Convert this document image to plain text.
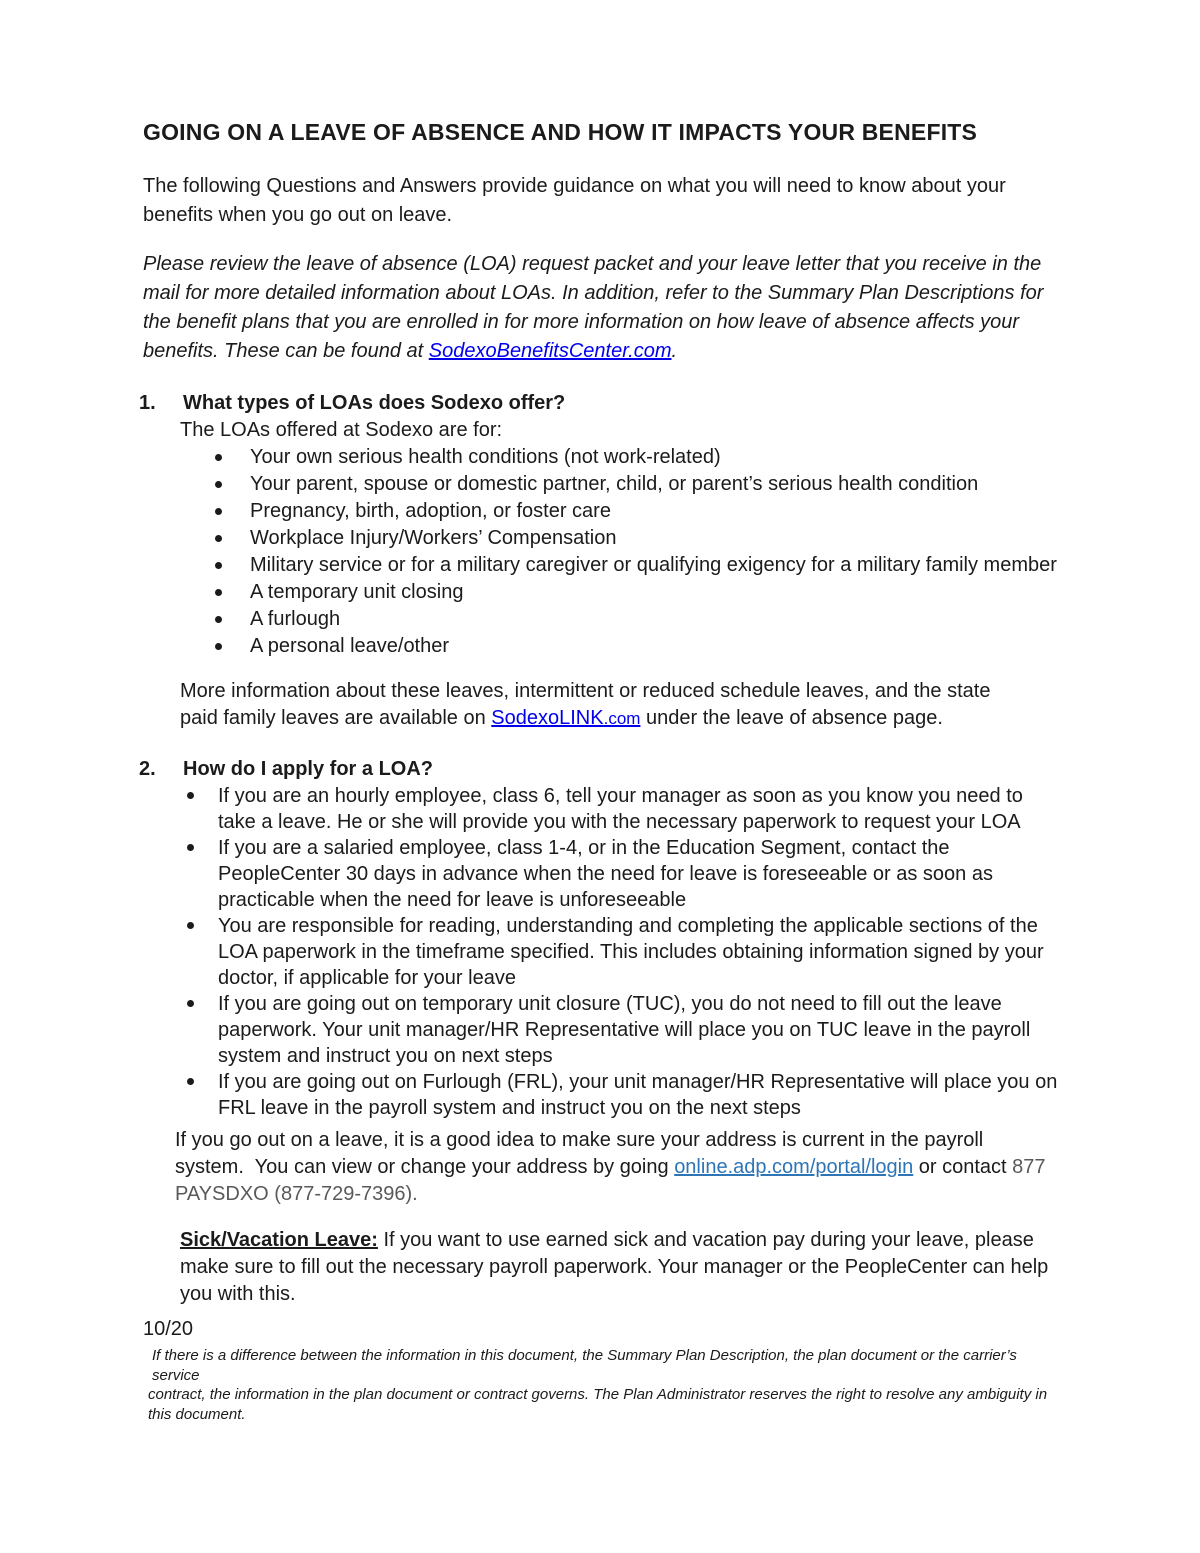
GOING ON A LEAVE OF ABSENCE AND HOW IT IMPACTS YOUR BENEFITS

The following Questions and Answers provide guidance on what you will need to know about your benefits when you go out on leave.

Please review the leave of absence (LOA) request packet and your leave letter that you receive in the mail for more detailed information about LOAs. In addition, refer to the Summary Plan Descriptions for the benefit plans that you are enrolled in for more information on how leave of absence affects your benefits. These can be found at SodexoBenefitsCenter.com.

1.	What types of LOAs does Sodexo offer?

The LOAs offered at Sodexo are for:

Your own serious health conditions (not work-related)
Your parent, spouse or domestic partner, child, or parent’s serious health condition
Pregnancy, birth, adoption, or foster care
Workplace Injury/Workers’ Compensation
Military service or for a military caregiver or qualifying exigency for a military family member
A temporary unit closing
A furlough
A personal leave/other

More information about these leaves, intermittent or reduced schedule leaves, and the state paid family leaves are available on SodexoLINK.com under the leave of absence page.

2.	How do I apply for a LOA?
If you are an hourly employee, class 6, tell your manager as soon as you know you need to take a leave. He or she will provide you with the necessary paperwork to request your LOA
If you are a salaried employee, class 1-4, or in the Education Segment, contact the PeopleCenter 30 days in advance when the need for leave is foreseeable or as soon as practicable when the need for leave is unforeseeable
You are responsible for reading, understanding and completing the applicable sections of the LOA paperwork in the timeframe specified. This includes obtaining information signed by your doctor, if applicable for your leave
If you are going out on temporary unit closure (TUC), you do not need to fill out the leave paperwork. Your unit manager/HR Representative will place you on TUC leave in the payroll system and instruct you on next steps
If you are going out on Furlough (FRL), your unit manager/HR Representative will place you on FRL leave in the payroll system and instruct you on the next steps

If you go out on a leave, it is a good idea to make sure your address is current in the payroll system.  You can view or change your address by going online.adp.com/portal/login or contact 877 PAYSDXO (877-729-7396).

Sick/Vacation Leave: If you want to use earned sick and vacation pay during your leave, please make sure to fill out the necessary payroll paperwork. Your manager or the PeopleCenter can help you with this.

10/20
If there is a difference between the information in this document, the Summary Plan Description, the plan document or the carrier’s service
contract, the information in the plan document or contract governs. The Plan Administrator reserves the right to resolve any ambiguity in this document.
